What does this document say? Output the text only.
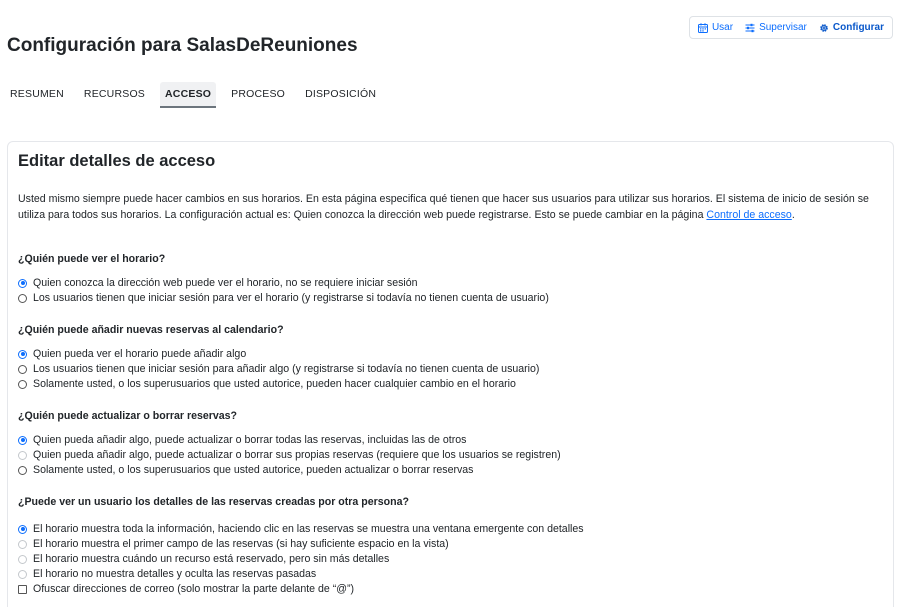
Usar	Supervisar	Configurar
Configuración para SalasDeReuniones
RESUMEN	RECURSOS	ACCESO	PROCESO	DISPOSICIÓN
Editar detalles de acceso

Usted mismo siempre puede hacer cambios en sus horarios. En esta página especifica qué tienen que hacer sus usuarios para utilizar sus horarios. El sistema de inicio de sesión se utiliza para todos sus horarios. La configuración actual es: Quien conozca la dirección web puede registrarse. Esto se puede cambiar en la página Control de acceso.

¿Quién puede ver el horario?
Quien conozca la dirección web puede ver el horario, no se requiere iniciar sesión
Los usuarios tienen que iniciar sesión para ver el horario (y registrarse si todavía no tienen cuenta de usuario)
¿Quién puede añadir nuevas reservas al calendario?
Quien pueda ver el horario puede añadir algo
Los usuarios tienen que iniciar sesión para añadir algo (y registrarse si todavía no tienen cuenta de usuario)
Solamente usted, o los superusuarios que usted autorice, pueden hacer cualquier cambio en el horario
¿Quién puede actualizar o borrar reservas?
Quien pueda añadir algo, puede actualizar o borrar todas las reservas, incluidas las de otros
Quien pueda añadir algo, puede actualizar o borrar sus propias reservas (requiere que los usuarios se registren)
Solamente usted, o los superusuarios que usted autorice, pueden actualizar o borrar reservas
¿Puede ver un usuario los detalles de las reservas creadas por otra persona?
El horario muestra toda la información, haciendo clic en las reservas se muestra una ventana emergente con detalles
El horario muestra el primer campo de las reservas (si hay suficiente espacio en la vista)
El horario muestra cuándo un recurso está reservado, pero sin más detalles
El horario no muestra detalles y oculta las reservas pasadas
Ofuscar direcciones de correo (solo mostrar la parte delante de “@”)
